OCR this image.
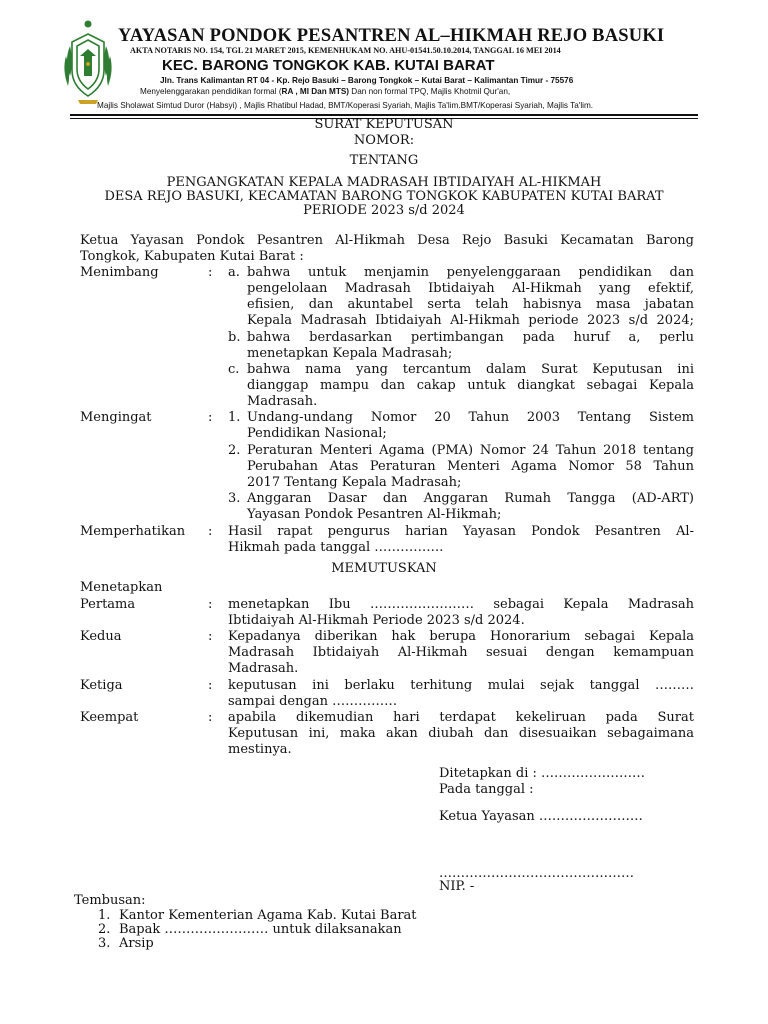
YAYASAN PONDOK PESANTREN AL–HIKMAH REJO BASUKI
AKTA NOTARIS NO. 154, TGL 21 MARET 2015, KEMENHUKAM NO. AHU-01541.50.10.2014, TANGGAL 16 MEI 2014
KEC. BARONG TONGKOK KAB. KUTAI BARAT
Jln. Trans Kalimantan RT 04 - Kp. Rejo Basuki – Barong Tongkok – Kutai Barat – Kalimantan Timur - 75576
Menyelenggarakan pendidikan formal (RA , MI Dan MTS) Dan non formal TPQ, Majlis Khotmil Qur'an,
Majlis Sholawat Simtud Duror (Habsyi) , Majlis Rhatibul Hadad, BMT/Koperasi Syariah, Majlis Ta'lim.BMT/Koperasi Syariah, Majlis Ta'lim.
SURAT KEPUTUSAN
NOMOR:
TENTANG
PENGANGKATAN KEPALA MADRASAH IBTIDAIYAH AL-HIKMAH
DESA REJO BASUKI, KECAMATAN BARONG TONGKOK KABUPATEN KUTAI BARAT
PERIODE 2023 s/d 2024
Ketua Yayasan Pondok Pesantren Al-Hikmah Desa Rejo Basuki Kecamatan Barong
Tongkok, Kabupaten Kutai Barat :
Menimbang	: a. bahwa untuk menjamin penyelenggaraan pendidikan dan
pengelolaan Madrasah Ibtidaiyah Al-Hikmah yang efektif,
efisien, dan akuntabel serta telah habisnya masa jabatan
Kepala Madrasah Ibtidaiyah Al-Hikmah periode 2023 s/d 2024;
b. bahwa berdasarkan pertimbangan pada huruf a, perlu
menetapkan Kepala Madrasah;
c. bahwa nama yang tercantum dalam Surat Keputusan ini
dianggap mampu dan cakap untuk diangkat sebagai Kepala
Madrasah.
Mengingat	: 1. Undang-undang Nomor 20 Tahun 2003 Tentang Sistem
Pendidikan Nasional;
2. Peraturan Menteri Agama (PMA) Nomor 24 Tahun 2018 tentang
Perubahan Atas Peraturan Menteri Agama Nomor 58 Tahun
2017 Tentang Kepala Madrasah;
3. Anggaran Dasar dan Anggaran Rumah Tangga (AD-ART)
Yayasan Pondok Pesantren Al-Hikmah;
Memperhatikan : Hasil rapat pengurus harian Yayasan Pondok Pesantren Al-
Hikmah pada tanggal …………….
MEMUTUSKAN
Menetapkan
Pertama	: menetapkan Ibu …………………… sebagai Kepala Madrasah
Ibtidaiyah Al-Hikmah Periode 2023 s/d 2024.
Kedua	: Kepadanya diberikan hak berupa Honorarium sebagai Kepala
Madrasah Ibtidaiyah Al-Hikmah sesuai dengan kemampuan
Madrasah.
Ketiga	: keputusan ini berlaku terhitung mulai sejak tanggal ………
sampai dengan ……………
Keempat	: apabila dikemudian hari terdapat kekeliruan pada Surat
Keputusan ini, maka akan diubah dan disesuaikan sebagaimana
mestinya.
Ditetapkan di : ……………………
Pada tanggal :
Ketua Yayasan ……………………
………………………………………
NIP. -
Tembusan:
1. Kantor Kementerian Agama Kab. Kutai Barat
2. Bapak …………………… untuk dilaksanakan
3. Arsip
